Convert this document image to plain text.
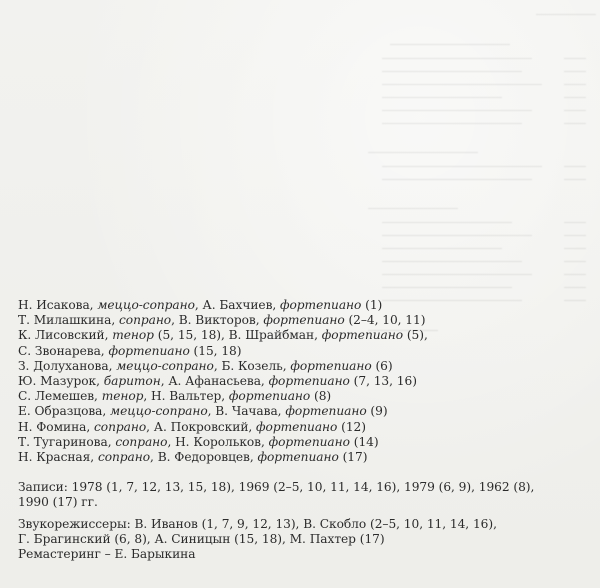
Н. Исакова, меццо-сопрано, А. Бахчиев, фортепиано (1)
Т. Милашкина, сопрано, В. Викторов, фортепиано (2–4, 10, 11)
К. Лисовский, тенор (5, 15, 18), В. Шрайбман, фортепиано (5),
С. Звонарева, фортепиано (15, 18)
З. Долуханова, меццо-сопрано, Б. Козель, фортепиано (6)
Ю. Мазурок, баритон, А. Афанасьева, фортепиано (7, 13, 16)
С. Лемешев, тенор, Н. Вальтер, фортепиано (8)
Е. Образцова, меццо-сопрано, В. Чачава, фортепиано (9)
Н. Фомина, сопрано, А. Покровский, фортепиано (12)
Т. Тугаринова, сопрано, Н. Корольков, фортепиано (14)
Н. Красная, сопрано, В. Федоровцев, фортепиано (17)
Записи: 1978 (1, 7, 12, 13, 15, 18), 1969 (2–5, 10, 11, 14, 16), 1979 (6, 9), 1962 (8),
1990 (17) гг.
Звукорежиссеры: В. Иванов (1, 7, 9, 12, 13), В. Скобло (2–5, 10, 11, 14, 16),
Г. Брагинский (6, 8), А. Синицын (15, 18), М. Пахтер (17)
Ремастеринг – Е. Барыкина
